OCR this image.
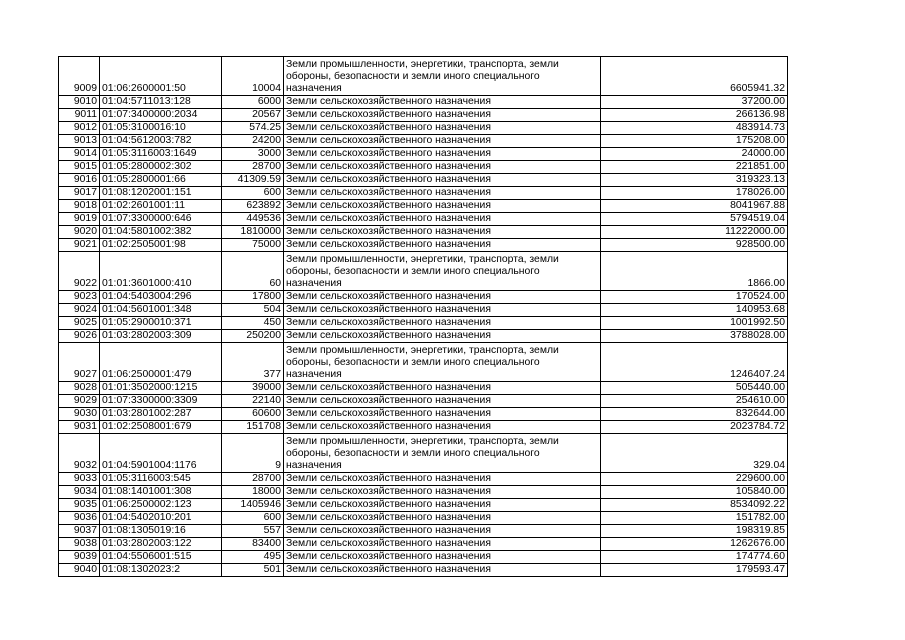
9009	01:06:2600001:50	10004	Земли промышленности, энергетики, транспорта, земли обороны, безопасности и земли иного специального назначения	6605941.32
9010	01:04:5711013:128	6000	Земли сельскохозяйственного назначения	37200.00
9011	01:07:3400000:2034	20567	Земли сельскохозяйственного назначения	266136.98
9012	01:05:3100016:10	574.25	Земли сельскохозяйственного назначения	483914.73
9013	01:04:5612003:782	24200	Земли сельскохозяйственного назначения	175208.00
9014	01:05:3116003:1649	3000	Земли сельскохозяйственного назначения	24000.00
9015	01:05:2800002:302	28700	Земли сельскохозяйственного назначения	221851.00
9016	01:05:2800001:66	41309.59	Земли сельскохозяйственного назначения	319323.13
9017	01:08:1202001:151	600	Земли сельскохозяйственного назначения	178026.00
9018	01:02:2601001:11	623892	Земли сельскохозяйственного назначения	8041967.88
9019	01:07:3300000:646	449536	Земли сельскохозяйственного назначения	5794519.04
9020	01:04:5801002:382	1810000	Земли сельскохозяйственного назначения	11222000.00
9021	01:02:2505001:98	75000	Земли сельскохозяйственного назначения	928500.00
9022	01:01:3601000:410	60	Земли промышленности, энергетики, транспорта, земли обороны, безопасности и земли иного специального назначения	1866.00
9023	01:04:5403004:296	17800	Земли сельскохозяйственного назначения	170524.00
9024	01:04:5601001:348	504	Земли сельскохозяйственного назначения	140953.68
9025	01:05:2900010:371	450	Земли сельскохозяйственного назначения	1001992.50
9026	01:03:2802003:309	250200	Земли сельскохозяйственного назначения	3788028.00
9027	01:06:2500001:479	377	Земли промышленности, энергетики, транспорта, земли обороны, безопасности и земли иного специального назначения	1246407.24
9028	01:01:3502000:1215	39000	Земли сельскохозяйственного назначения	505440.00
9029	01:07:3300000:3309	22140	Земли сельскохозяйственного назначения	254610.00
9030	01:03:2801002:287	60600	Земли сельскохозяйственного назначения	832644.00
9031	01:02:2508001:679	151708	Земли сельскохозяйственного назначения	2023784.72
9032	01:04:5901004:1176	9	Земли промышленности, энергетики, транспорта, земли обороны, безопасности и земли иного специального назначения	329.04
9033	01:05:3116003:545	28700	Земли сельскохозяйственного назначения	229600.00
9034	01:08:1401001:308	18000	Земли сельскохозяйственного назначения	105840.00
9035	01:06:2500002:123	1405946	Земли сельскохозяйственного назначения	8534092.22
9036	01:04:5402010:201	600	Земли сельскохозяйственного назначения	151782.00
9037	01:08:1305019:16	557	Земли сельскохозяйственного назначения	198319.85
9038	01:03:2802003:122	83400	Земли сельскохозяйственного назначения	1262676.00
9039	01:04:5506001:515	495	Земли сельскохозяйственного назначения	174774.60
9040	01:08:1302023:2	501	Земли сельскохозяйственного назначения	179593.47
